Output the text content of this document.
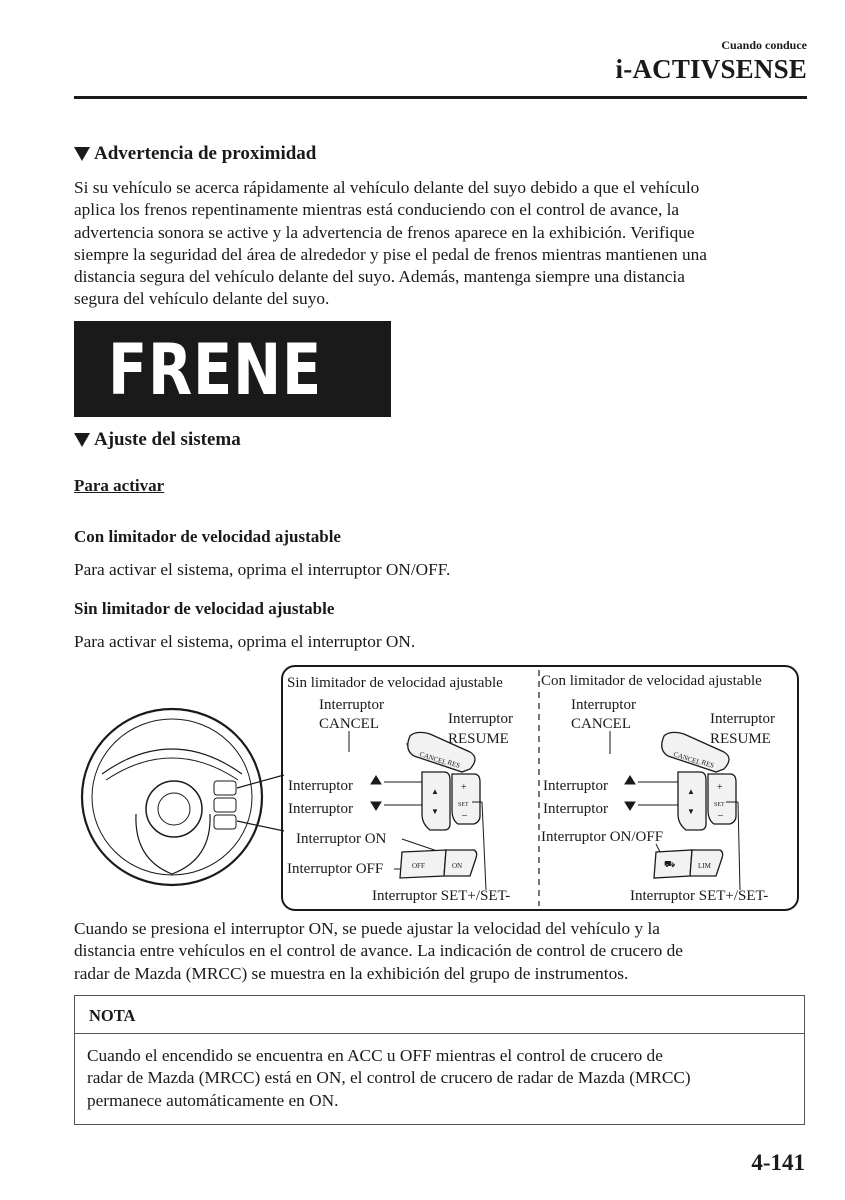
Cuando conduce
i-ACTIVSENSE
Advertencia de proximidad
Si su vehículo se acerca rápidamente al vehículo delante del suyo debido a que el vehículo
aplica los frenos repentinamente mientras está conduciendo con el control de avance, la
advertencia sonora se active y la advertencia de frenos aparece en la exhibición. Verifique
siempre la seguridad del área de alrededor y pise el pedal de frenos mientras mantienen una
distancia segura del vehículo delante del suyo. Además, mantenga siempre una distancia
segura del vehículo delante del suyo.
FRENE !
Ajuste del sistema
Para activar
Con limitador de velocidad ajustable
Para activar el sistema, oprima el interruptor ON/OFF.
Sin limitador de velocidad ajustable
Para activar el sistema, oprima el interruptor ON.
Sin limitador de velocidad ajustable
Interruptor
CANCEL	Interruptor
RESUME
Interruptor
Interruptor
Interruptor ON
Interruptor OFF
Interruptor SET+/SET-
CANCEL
RES
+
SET
–
▲
▼
OFF	ON
Con limitador de velocidad ajustable
Interruptor
CANCEL	Interruptor
RESUME
Interruptor
Interruptor
Interruptor ON/OFF
Interruptor SET+/SET-
CANCEL
RES
+
SET
–
▲
▼
⛟	LIM
Cuando se presiona el interruptor ON, se puede ajustar la velocidad del vehículo y la
distancia entre vehículos en el control de avance. La indicación de control de crucero de
radar de Mazda (MRCC) se muestra en la exhibición del grupo de instrumentos.
NOTA
Cuando el encendido se encuentra en ACC u OFF mientras el control de crucero de
radar de Mazda (MRCC) está en ON, el control de crucero de radar de Mazda (MRCC)
permanece automáticamente en ON.
4-141
